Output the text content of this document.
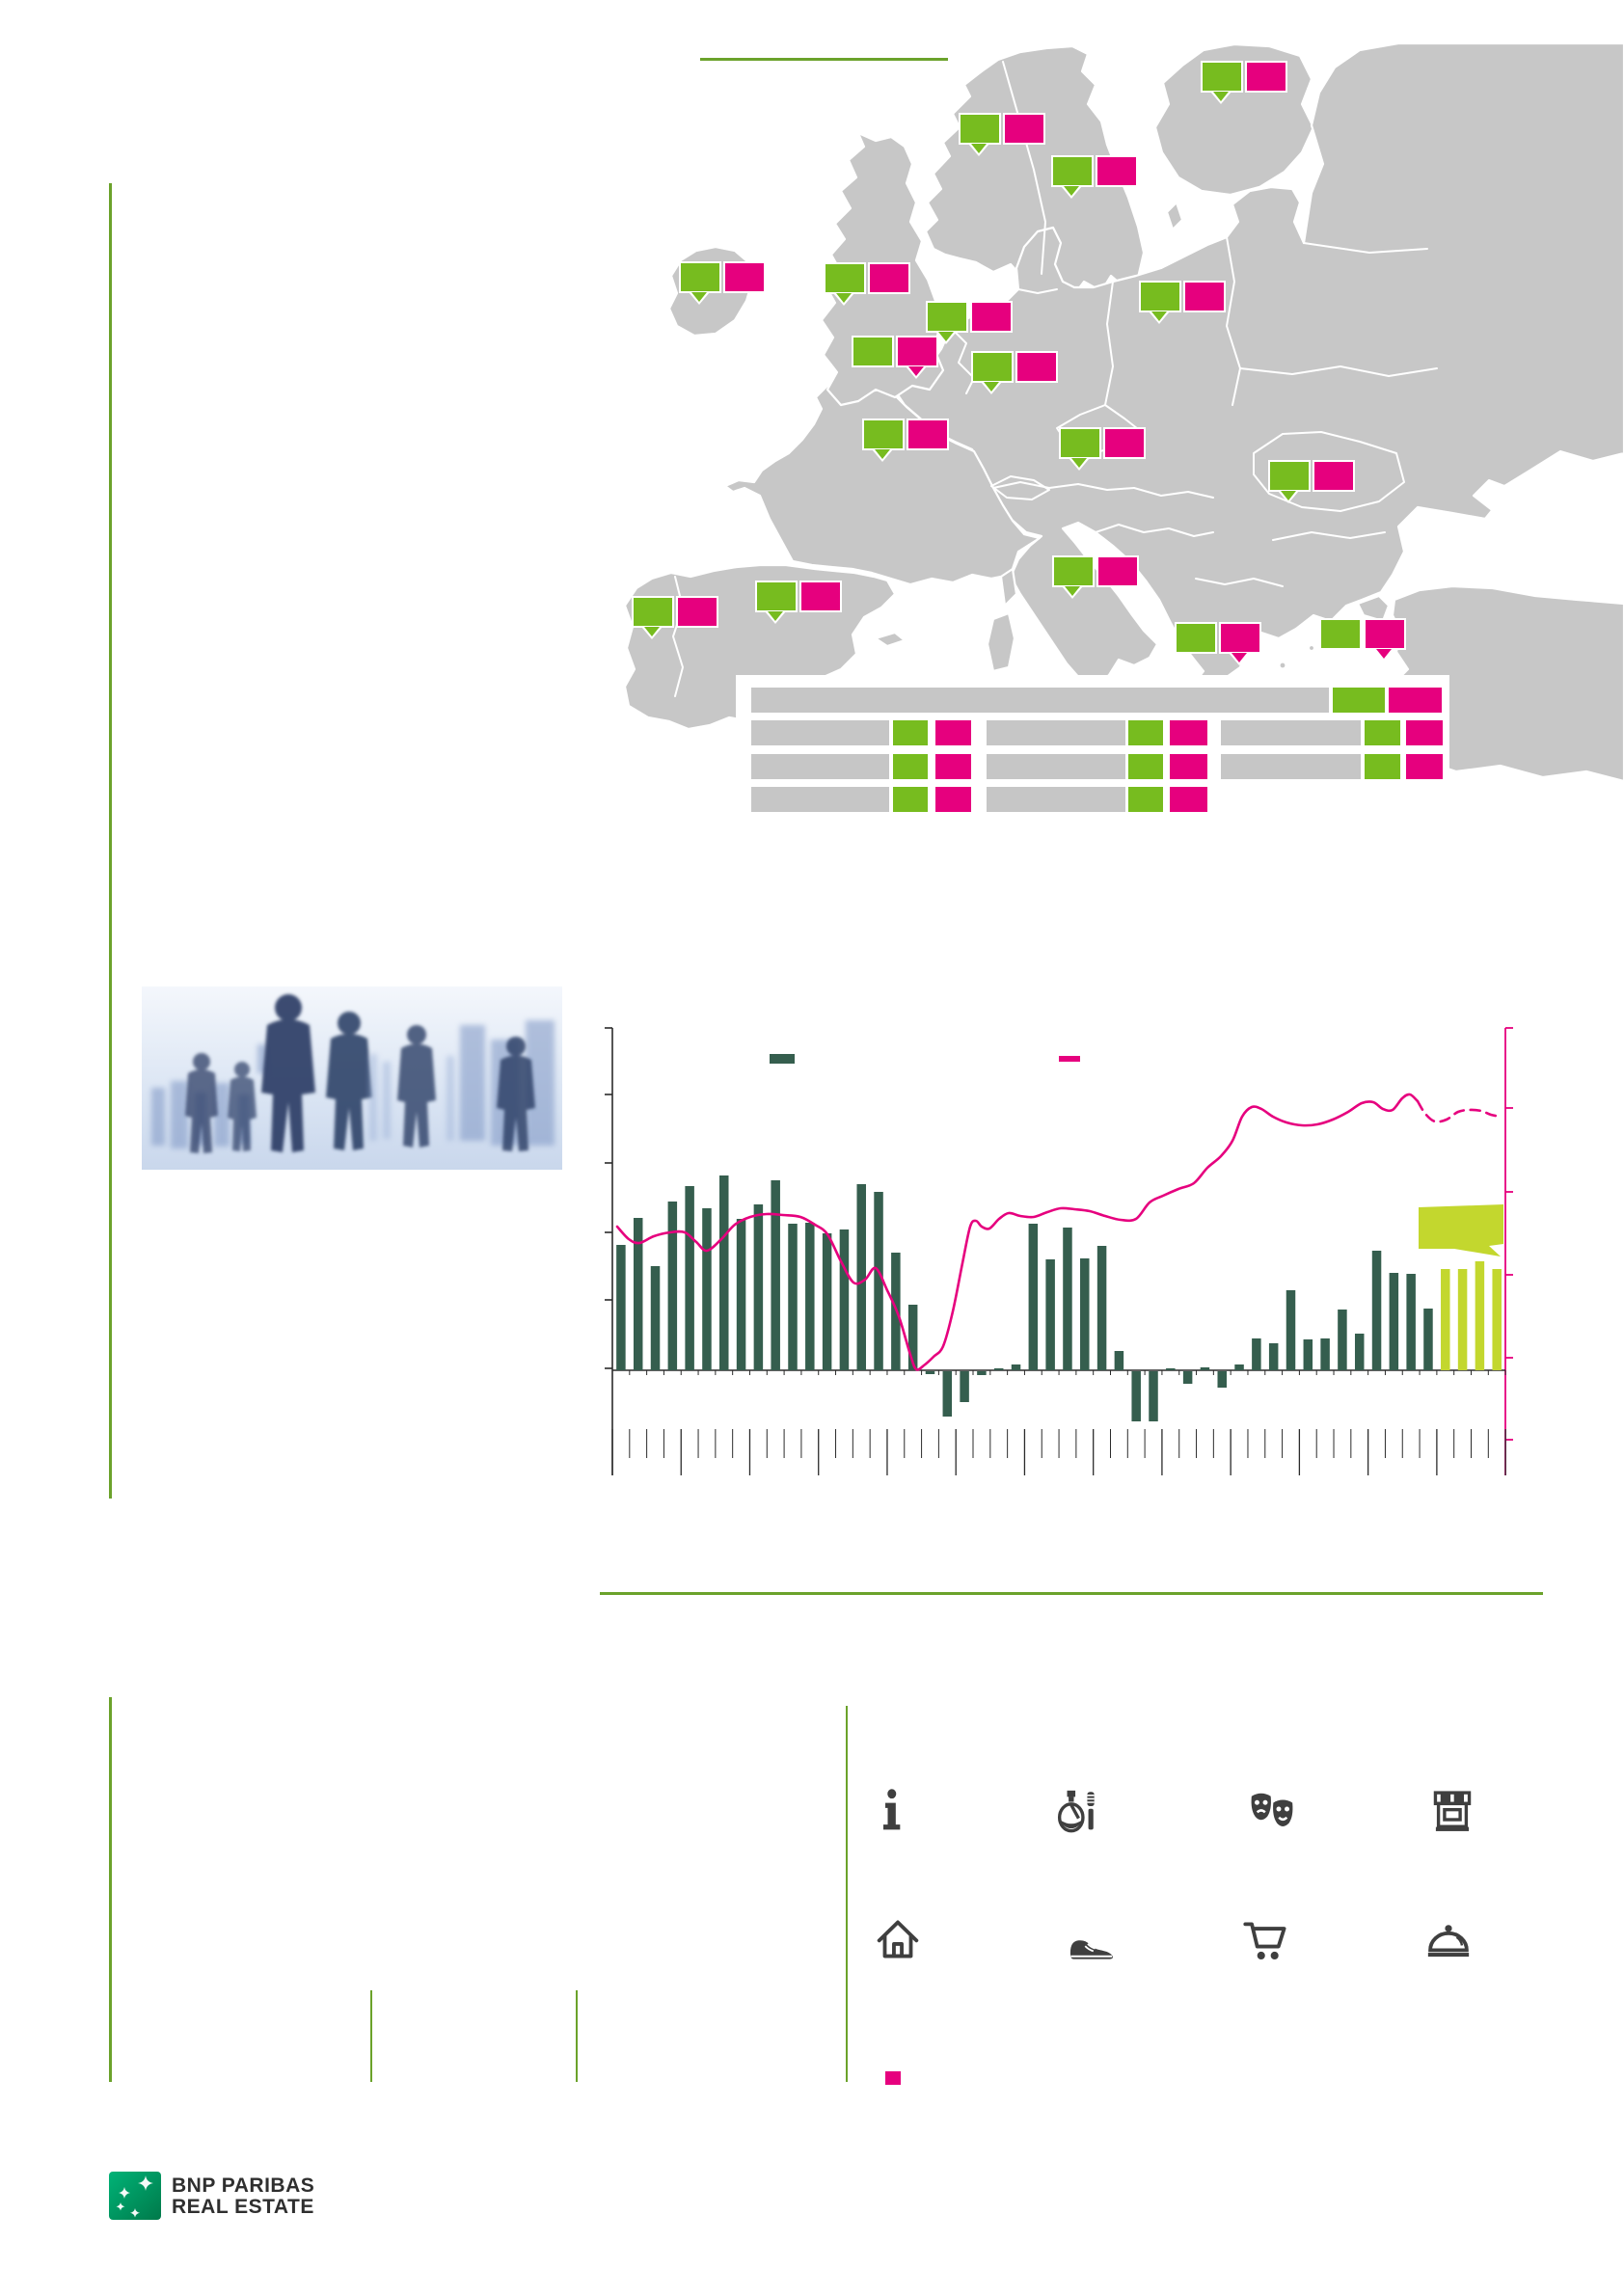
BNP PARIBAS
REAL ESTATE
